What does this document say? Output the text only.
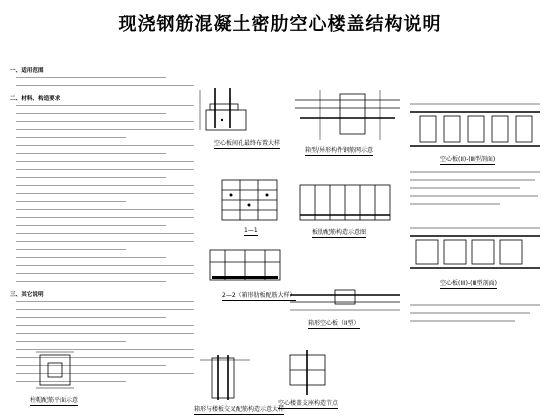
现浇钢筋混凝土密肋空心楼盖结构说明
一、适用范围
二、材料、构造要求
三、其它说明
空心板间孔最终布置大样
箱型/异形构件钢筋网示意
1—1	板肋配筋构造示意图
2—2（箱形肋板配筋大样）
箱形空心板（II型）
空心板(II)-(Ⅲ型剖面)
空心板(III)-(Ⅲ型剖面)
柱帽配筋平面示意
箱形与楼板交叉配筋构造示意大样
空心楼盖支座构造节点
